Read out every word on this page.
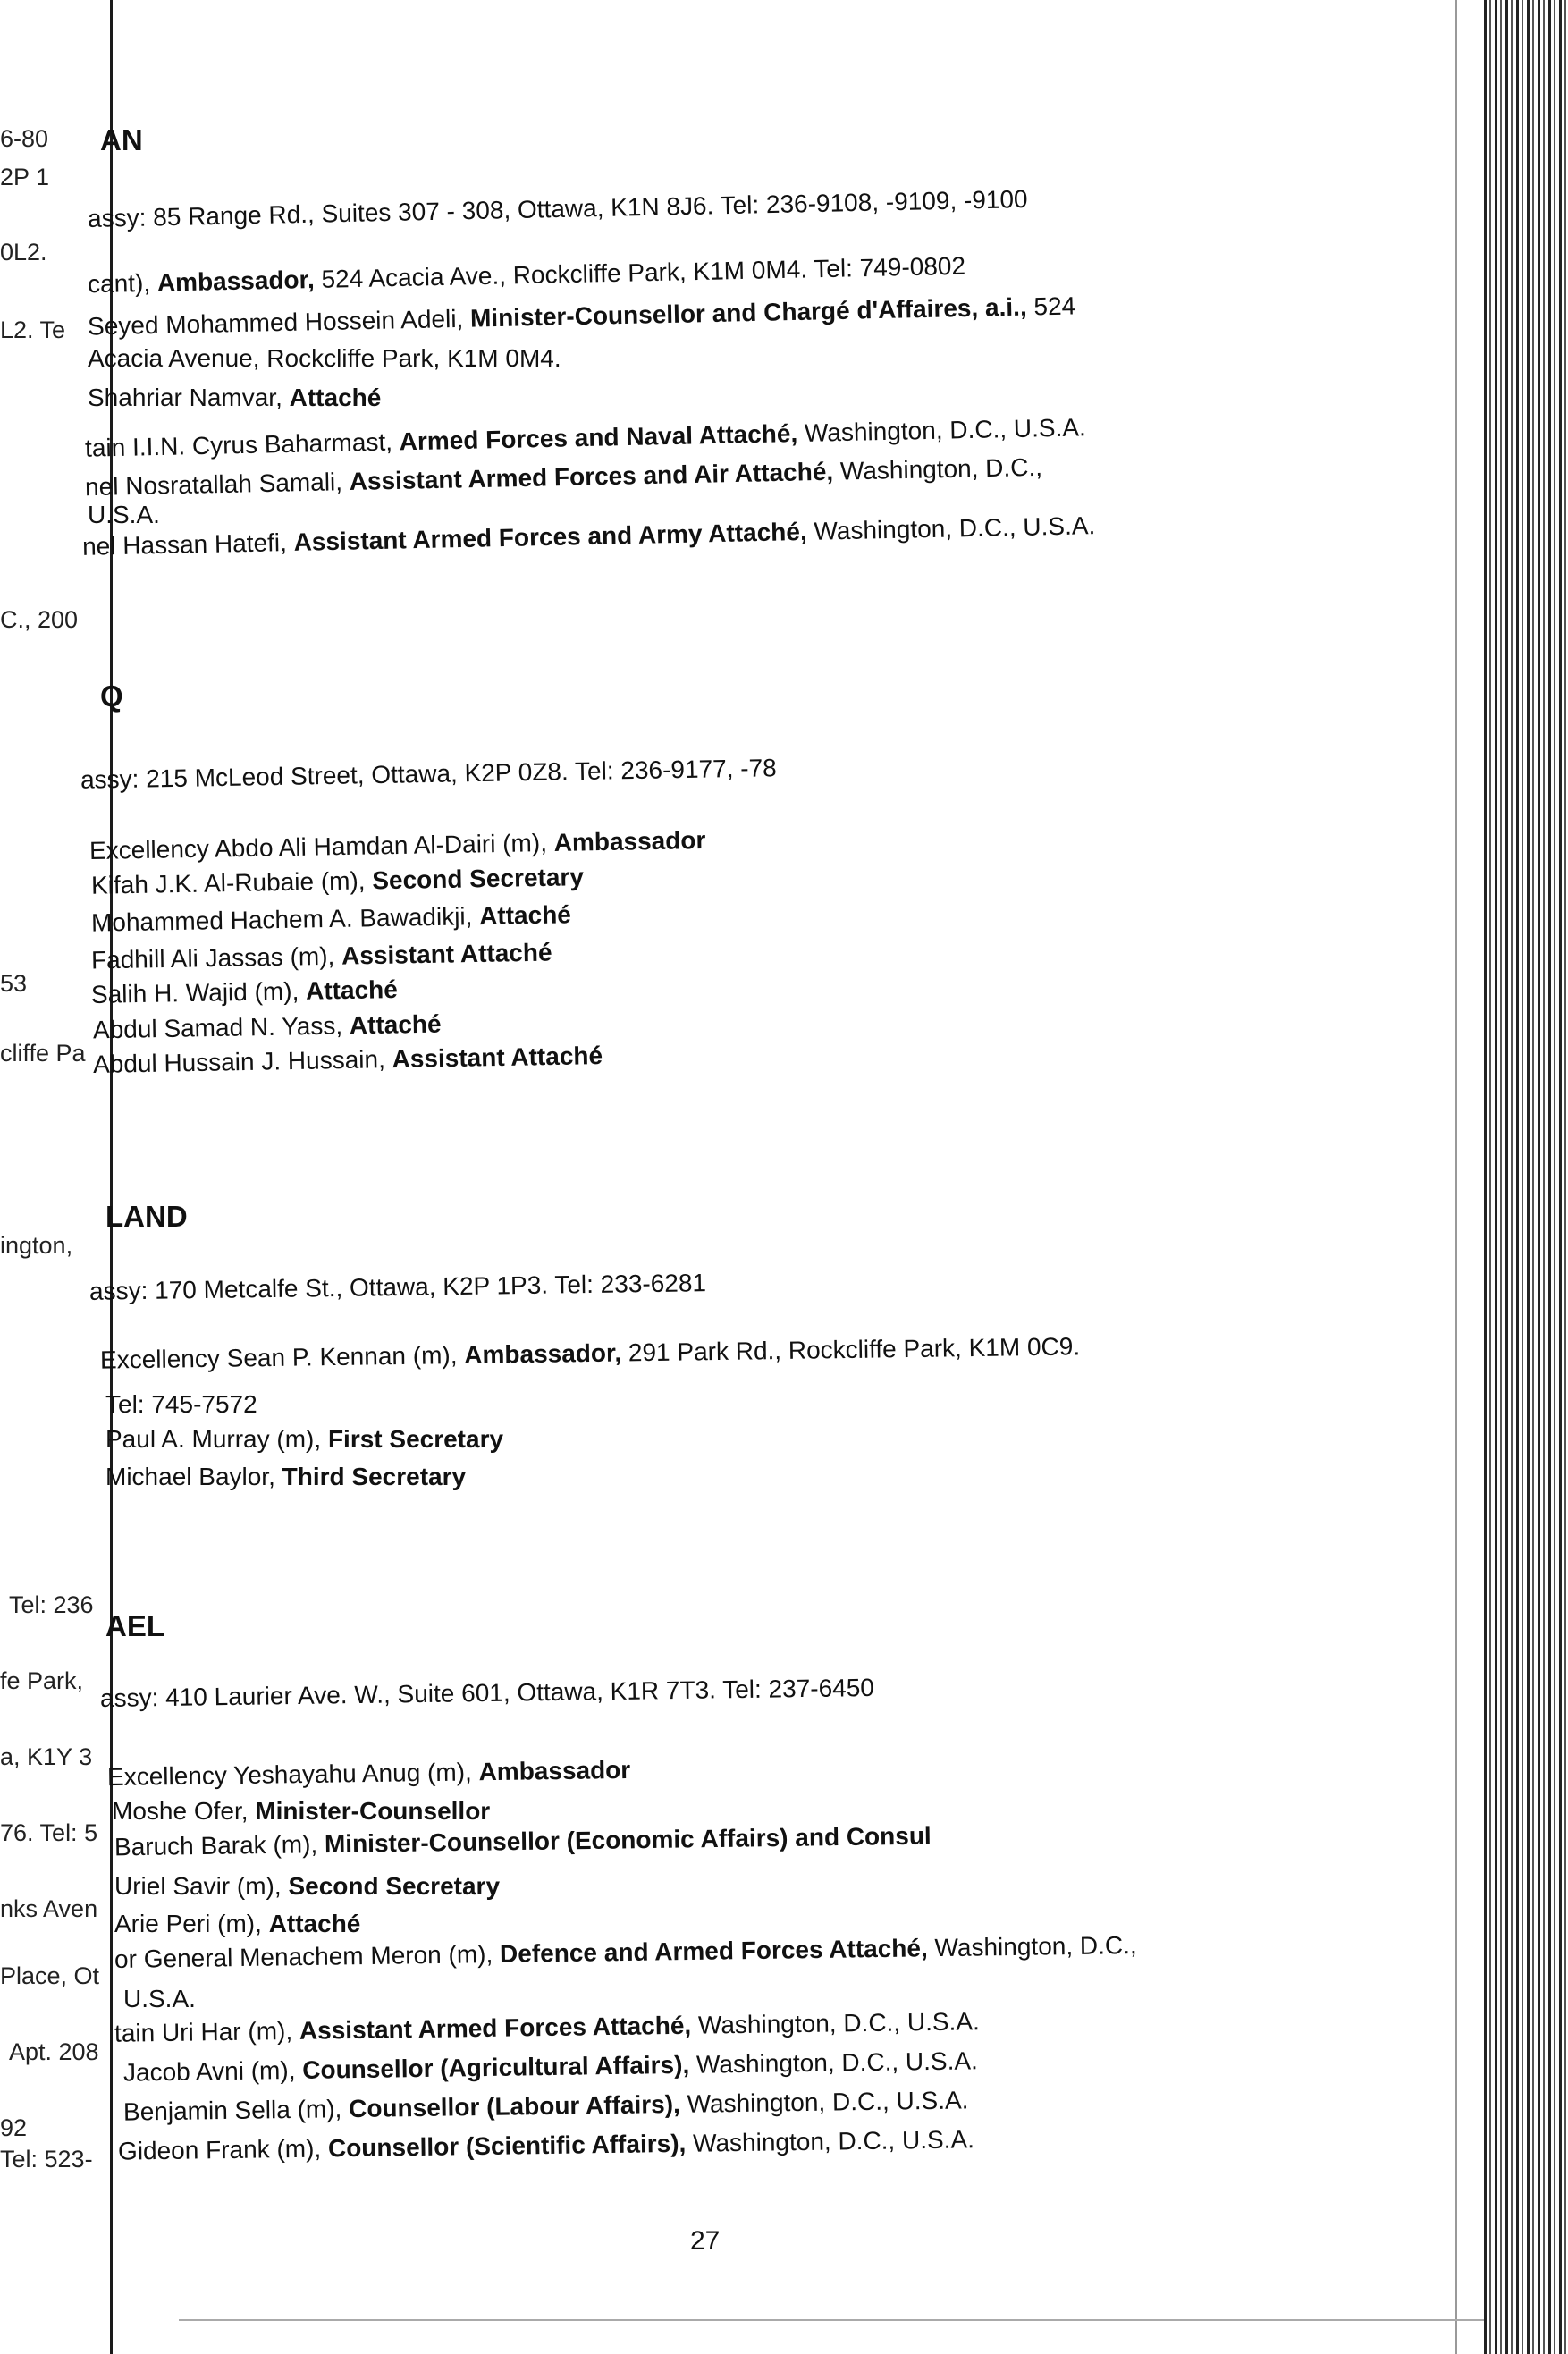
6-80
2P 1
0L2.
L2. Te
C., 200
53
cliffe Pa
ington,
Tel: 236
fe Park,
a, K1Y 3
76. Tel: 5
nks Aven
Place, Ot
Apt. 208
92
Tel: 523-
AN
assy: 85 Range Rd., Suites 307 - 308, Ottawa, K1N 8J6. Tel: 236-9108, -9109, -9100
cant), Ambassador, 524 Acacia Ave., Rockcliffe Park, K1M 0M4. Tel: 749-0802
Seyed Mohammed Hossein Adeli, Minister-Counsellor and Chargé d'Affaires, a.i., 524
Acacia Avenue, Rockcliffe Park, K1M 0M4.
Shahriar Namvar, Attaché
tain I.I.N. Cyrus Baharmast, Armed Forces and Naval Attaché, Washington, D.C., U.S.A.
nel Nosratallah Samali, Assistant Armed Forces and Air Attaché, Washington, D.C.,
U.S.A.
nel Hassan Hatefi, Assistant Armed Forces and Army Attaché, Washington, D.C., U.S.A.
Q
assy: 215 McLeod Street, Ottawa, K2P 0Z8. Tel: 236-9177, -78
Excellency Abdo Ali Hamdan Al-Dairi (m), Ambassador
Kifah J.K. Al-Rubaie (m), Second Secretary
Mohammed Hachem A. Bawadikji, Attaché
Fadhill Ali Jassas (m), Assistant Attaché
Salih H. Wajid (m), Attaché
Abdul Samad N. Yass, Attaché
Abdul Hussain J. Hussain, Assistant Attaché
LAND
assy: 170 Metcalfe St., Ottawa, K2P 1P3. Tel: 233-6281
Excellency Sean P. Kennan (m), Ambassador, 291 Park Rd., Rockcliffe Park, K1M 0C9.
Tel: 745-7572
Paul A. Murray (m), First Secretary
Michael Baylor, Third Secretary
AEL
assy: 410 Laurier Ave. W., Suite 601, Ottawa, K1R 7T3. Tel: 237-6450
Excellency Yeshayahu Anug (m), Ambassador
Moshe Ofer, Minister-Counsellor
Baruch Barak (m), Minister-Counsellor (Economic Affairs) and Consul
Uriel Savir (m), Second Secretary
Arie Peri (m), Attaché
or General Menachem Meron (m), Defence and Armed Forces Attaché, Washington, D.C.,
U.S.A.
tain Uri Har (m), Assistant Armed Forces Attaché, Washington, D.C., U.S.A.
Jacob Avni (m), Counsellor (Agricultural Affairs), Washington, D.C., U.S.A.
Benjamin Sella (m), Counsellor (Labour Affairs), Washington, D.C., U.S.A.
Gideon Frank (m), Counsellor (Scientific Affairs), Washington, D.C., U.S.A.
27
